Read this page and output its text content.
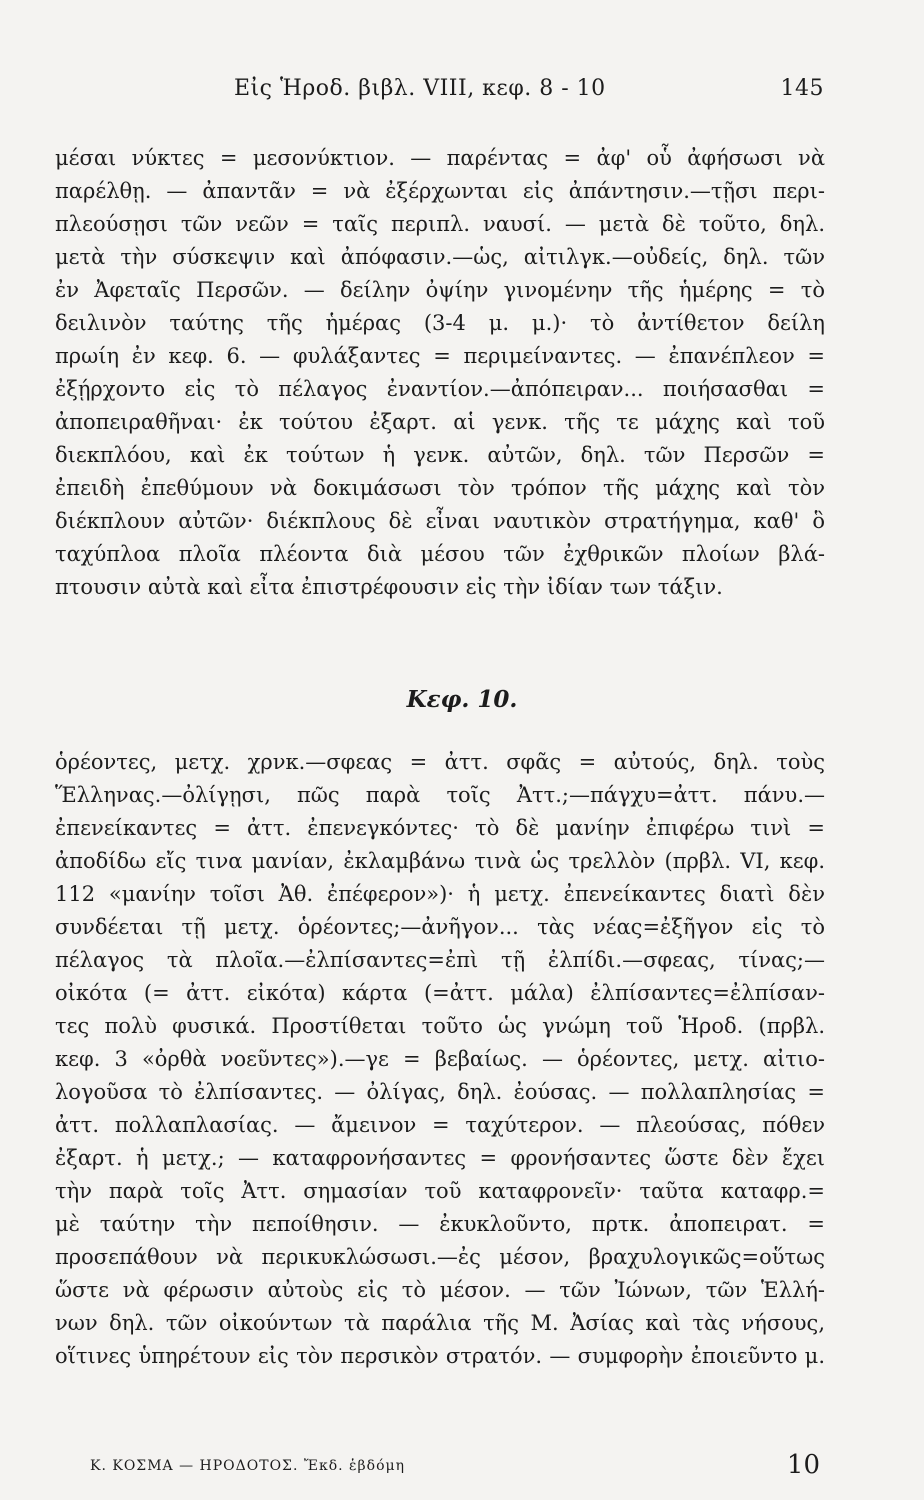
Εἰς Ἡροδ. βιβλ. VIII, κεφ. 8 - 10	145
μέσαι νύκτες = μεσονύκτιον. — παρέντας = ἀφ' οὗ ἀφήσωσι νὰ
παρέλθῃ. — ἀπαντᾶν = νὰ ἐξέρχωνται εἰς ἀπάντησιν.—τῇσι περι-
πλεούσῃσι τῶν νεῶν = ταῖς περιπλ. ναυσί. — μετὰ δὲ τοῦτο, δηλ.
μετὰ τὴν σύσκεψιν καὶ ἀπόφασιν.—ὡς, αἰτιλγκ.—οὐδείς, δηλ. τῶν
ἐν Ἀφεταῖς Περσῶν. — δείλην ὀψίην γινομένην τῆς ἡμέρης = τὸ
δειλινὸν ταύτης τῆς ἡμέρας (3-4 μ. μ.)· τὸ ἀντίθετον δείλη
πρωίη ἐν κεφ. 6. — φυλάξαντες = περιμείναντες. — ἐπανέπλεον =
ἐξῄρχοντο εἰς τὸ πέλαγος ἐναντίον.—ἀπόπειραν... ποιήσασθαι =
ἀποπειραθῆναι· ἐκ τούτου ἐξαρτ. αἱ γενκ. τῆς τε μάχης καὶ τοῦ
διεκπλόου, καὶ ἐκ τούτων ἡ γενκ. αὐτῶν, δηλ. τῶν Περσῶν =
ἐπειδὴ ἐπεθύμουν νὰ δοκιμάσωσι τὸν τρόπον τῆς μάχης καὶ τὸν
διέκπλουν αὐτῶν· διέκπλους δὲ εἶναι ναυτικὸν στρατήγημα, καθ' ὃ
ταχύπλοα πλοῖα πλέοντα διὰ μέσου τῶν ἐχθρικῶν πλοίων βλά-
πτουσιν αὐτὰ καὶ εἶτα ἐπιστρέφουσιν εἰς τὴν ἰδίαν των τάξιν.
Κεφ. 10.
ὁρέοντες, μετχ. χρνκ.—σφεας = ἀττ. σφᾶς = αὐτούς, δηλ. τοὺς
Ἕλληνας.—ὀλίγῃσι, πῶς παρὰ τοῖς Ἀττ.;—πάγχυ=ἀττ. πάνυ.—
ἐπενείκαντες = ἀττ. ἐπενεγκόντες· τὸ δὲ μανίην ἐπιφέρω τινὶ =
ἀποδίδω εἴς τινα μανίαν, ἐκλαμβάνω τινὰ ὡς τρελλὸν (πρβλ. VI, κεφ.
112 «μανίην τοῖσι Ἀθ. ἐπέφερον»)· ἡ μετχ. ἐπενείκαντες διατὶ δὲν
συνδέεται τῇ μετχ. ὁρέοντες;—ἀνῆγον... τὰς νέας=ἐξῆγον εἰς τὸ
πέλαγος τὰ πλοῖα.—ἐλπίσαντες=ἐπὶ τῇ ἐλπίδι.—σφεας, τίνας;—
οἰκότα (= ἀττ. εἰκότα) κάρτα (=ἀττ. μάλα) ἐλπίσαντες=ἐλπίσαν-
τες πολὺ φυσικά. Προστίθεται τοῦτο ὡς γνώμη τοῦ Ἡροδ. (πρβλ.
κεφ. 3 «ὀρθὰ νοεῦντες»).—γε = βεβαίως. — ὁρέοντες, μετχ. αἰτιο-
λογοῦσα τὸ ἐλπίσαντες. — ὀλίγας, δηλ. ἐούσας. — πολλαπλησίας =
ἀττ. πολλαπλασίας. — ἄμεινον = ταχύτερον. — πλεούσας, πόθεν
ἐξαρτ. ἡ μετχ.; — καταφρονήσαντες = φρονήσαντες ὥστε δὲν ἔχει
τὴν παρὰ τοῖς Ἀττ. σημασίαν τοῦ καταφρονεῖν· ταῦτα καταφρ.=
μὲ ταύτην τὴν πεποίθησιν. — ἐκυκλοῦντο, πρτκ. ἀποπειρατ. =
προσεπάθουν νὰ περικυκλώσωσι.—ἐς μέσον, βραχυλογικῶς=οὕτως
ὥστε νὰ φέρωσιν αὐτοὺς εἰς τὸ μέσον. — τῶν Ἰώνων, τῶν Ἑλλή-
νων δηλ. τῶν οἰκούντων τὰ παράλια τῆς Μ. Ἀσίας καὶ τὰς νήσους,
οἵτινες ὑπηρέτουν εἰς τὸν περσικὸν στρατόν. — συμφορὴν ἐποιεῦντο μ.
Κ. ΚΟΣΜΑ — ΗΡΟΔΟΤΟΣ. Ἔκδ. ἑβδόμη	10
